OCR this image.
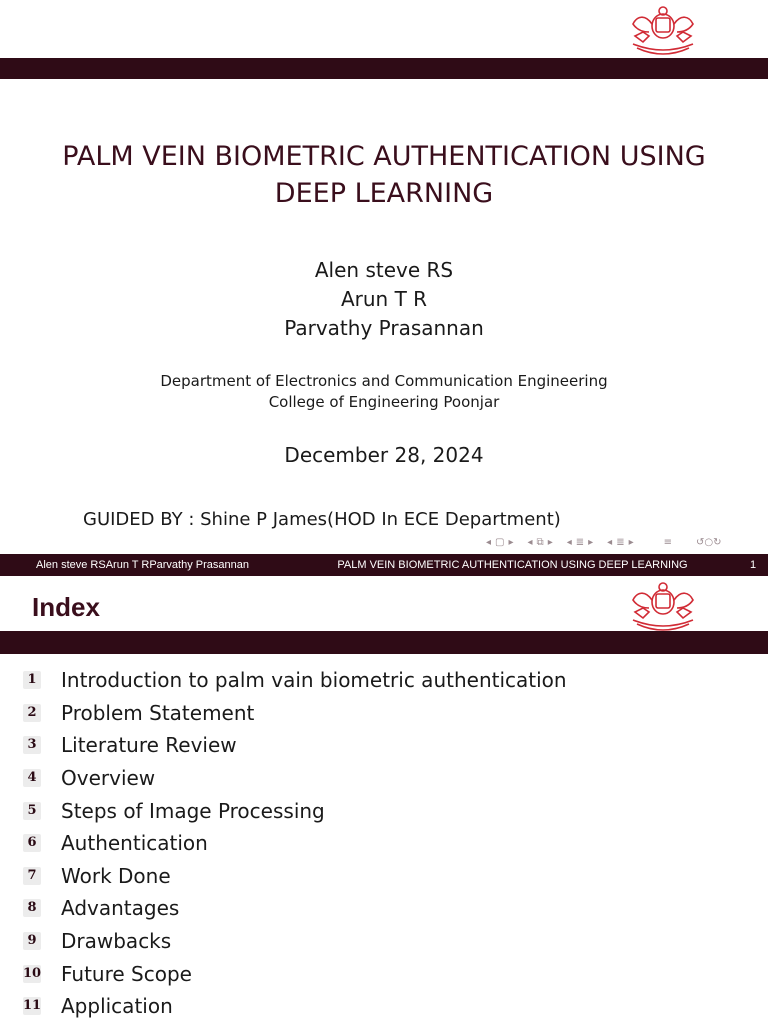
PALM VEIN BIOMETRIC AUTHENTICATION USING
DEEP LEARNING
Alen steve RS
Arun T R
Parvathy Prasannan
Department of Electronics and Communication Engineering
College of Engineering Poonjar
December 28, 2024
GUIDED BY : Shine P James(HOD In ECE Department)
◂ ▢ ▸ ◂ ⧉ ▸ ◂ ≣ ▸ ◂ ≣ ▸	≡ ↺○↻
Alen steve RSArun T RParvathy Prasannan	PALM VEIN BIOMETRIC AUTHENTICATION USING DEEP LEARNING	1
Index
1 Introduction to palm vain biometric authentication
2 Problem Statement
3 Literature Review
4 Overview
5 Steps of Image Processing
6 Authentication
7 Work Done
8 Advantages
9 Drawbacks
10 Future Scope
11 Application
